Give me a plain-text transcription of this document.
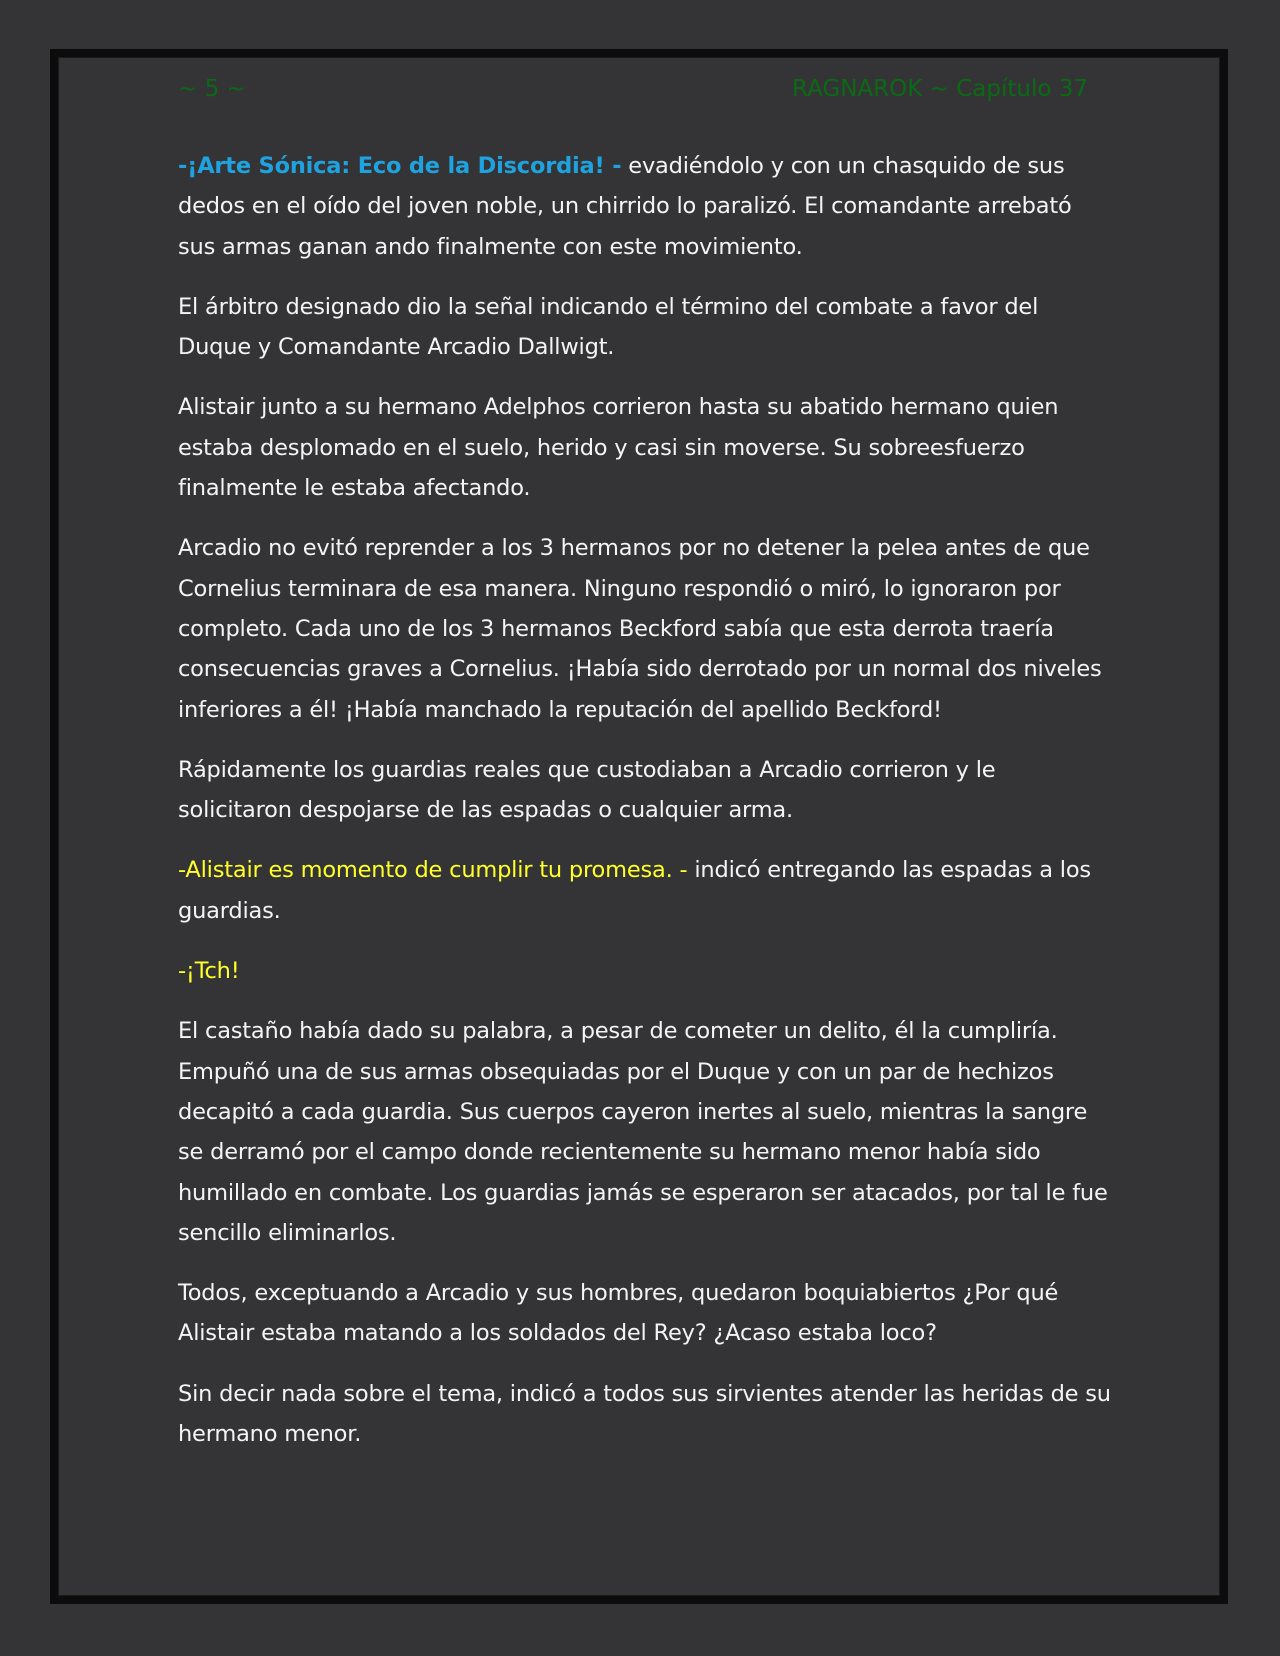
~ 5 ~	RAGNAROK ~ Capítulo 37

-¡Arte Sónica: Eco de la Discordia! - evadiéndolo y con un chasquido de sus dedos en el oído del joven noble, un chirrido lo paralizó. El comandante arrebató sus armas ganan ando finalmente con este movimiento.

El árbitro designado dio la señal indicando el término del combate a favor del Duque y Comandante Arcadio Dallwigt.

Alistair junto a su hermano Adelphos corrieron hasta su abatido hermano quien estaba desplomado en el suelo, herido y casi sin moverse. Su sobreesfuerzo finalmente le estaba afectando.

Arcadio no evitó reprender a los 3 hermanos por no detener la pelea antes de que Cornelius terminara de esa manera. Ninguno respondió o miró, lo ignoraron por completo. Cada uno de los 3 hermanos Beckford sabía que esta derrota traería consecuencias graves a Cornelius. ¡Había sido derrotado por un normal dos niveles inferiores a él! ¡Había manchado la reputación del apellido Beckford!

Rápidamente los guardias reales que custodiaban a Arcadio corrieron y le solicitaron despojarse de las espadas o cualquier arma.

-Alistair es momento de cumplir tu promesa. - indicó entregando las espadas a los guardias.

-¡Tch!

El castaño había dado su palabra, a pesar de cometer un delito, él la cumpliría. Empuñó una de sus armas obsequiadas por el Duque y con un par de hechizos decapitó a cada guardia. Sus cuerpos cayeron inertes al suelo, mientras la sangre se derramó por el campo donde recientemente su hermano menor había sido humillado en combate. Los guardias jamás se esperaron ser atacados, por tal le fue sencillo eliminarlos.

Todos, exceptuando a Arcadio y sus hombres, quedaron boquiabiertos ¿Por qué Alistair estaba matando a los soldados del Rey? ¿Acaso estaba loco?

Sin decir nada sobre el tema, indicó a todos sus sirvientes atender las heridas de su hermano menor.
